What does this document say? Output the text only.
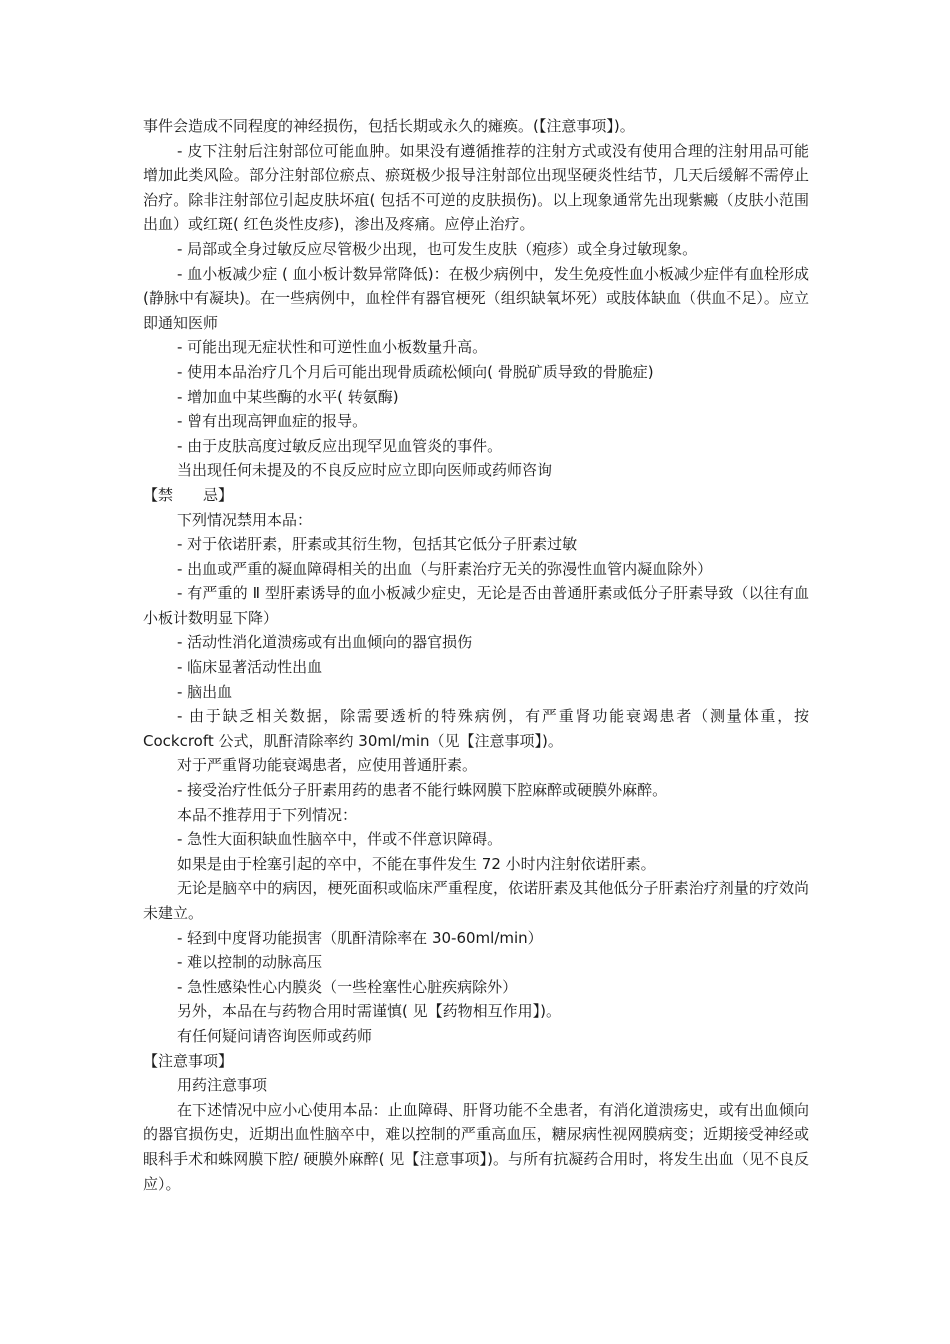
事件会造成不同程度的神经损伤，包括长期或永久的瘫痪。(【注意事项】)。

- 皮下注射后注射部位可能血肿。如果没有遵循推荐的注射方式或没有使用合理的注射用品可能增加此类风险。部分注射部位瘀点、瘀斑极少报导注射部位出现坚硬炎性结节，几天后缓解不需停止治疗。除非注射部位引起皮肤坏疽( 包括不可逆的皮肤损伤)。以上现象通常先出现紫癜（皮肤小范围出血）或红斑( 红色炎性皮疹)，渗出及疼痛。应停止治疗。

- 局部或全身过敏反应尽管极少出现，也可发生皮肤（疱疹）或全身过敏现象。

- 血小板减少症 ( 血小板计数异常降低)：在极少病例中，发生免疫性血小板减少症伴有血栓形成(静脉中有凝块)。在一些病例中，血栓伴有器官梗死（组织缺氧坏死）或肢体缺血（供血不足）。应立即通知医师

- 可能出现无症状性和可逆性血小板数量升高。

- 使用本品治疗几个月后可能出现骨质疏松倾向( 骨脱矿质导致的骨脆症)

- 增加血中某些酶的水平( 转氨酶)

- 曾有出现高钾血症的报导。

- 由于皮肤高度过敏反应出现罕见血管炎的事件。

当出现任何未提及的不良反应时应立即向医师或药师咨询

【禁　　忌】

下列情况禁用本品：

- 对于依诺肝素，肝素或其衍生物，包括其它低分子肝素过敏

- 出血或严重的凝血障碍相关的出血（与肝素治疗无关的弥漫性血管内凝血除外）

- 有严重的 Ⅱ 型肝素诱导的血小板减少症史，无论是否由普通肝素或低分子肝素导致（以往有血小板计数明显下降）

- 活动性消化道溃疡或有出血倾向的器官损伤

- 临床显著活动性出血

- 脑出血

- 由于缺乏相关数据，除需要透析的特殊病例，有严重肾功能衰竭患者（测量体重，按 Cockcroft 公式，肌酐清除率约 30ml/min（见【注意事项】)。

对于严重肾功能衰竭患者，应使用普通肝素。

- 接受治疗性低分子肝素用药的患者不能行蛛网膜下腔麻醉或硬膜外麻醉。

本品不推荐用于下列情况：

- 急性大面积缺血性脑卒中，伴或不伴意识障碍。

如果是由于栓塞引起的卒中，不能在事件发生 72 小时内注射依诺肝素。

无论是脑卒中的病因，梗死面积或临床严重程度，依诺肝素及其他低分子肝素治疗剂量的疗效尚未建立。

- 轻到中度肾功能损害（肌酐清除率在 30-60ml/min）

- 难以控制的动脉高压

- 急性感染性心内膜炎（一些栓塞性心脏疾病除外）

另外，本品在与药物合用时需谨慎( 见【药物相互作用】)。

有任何疑问请咨询医师或药师

【注意事项】

用药注意事项

在下述情况中应小心使用本品：止血障碍、肝肾功能不全患者，有消化道溃疡史，或有出血倾向的器官损伤史，近期出血性脑卒中，难以控制的严重高血压，糖尿病性视网膜病变；近期接受神经或眼科手术和蛛网膜下腔/ 硬膜外麻醉( 见【注意事项】)。与所有抗凝药合用时，将发生出血（见不良反应）。
